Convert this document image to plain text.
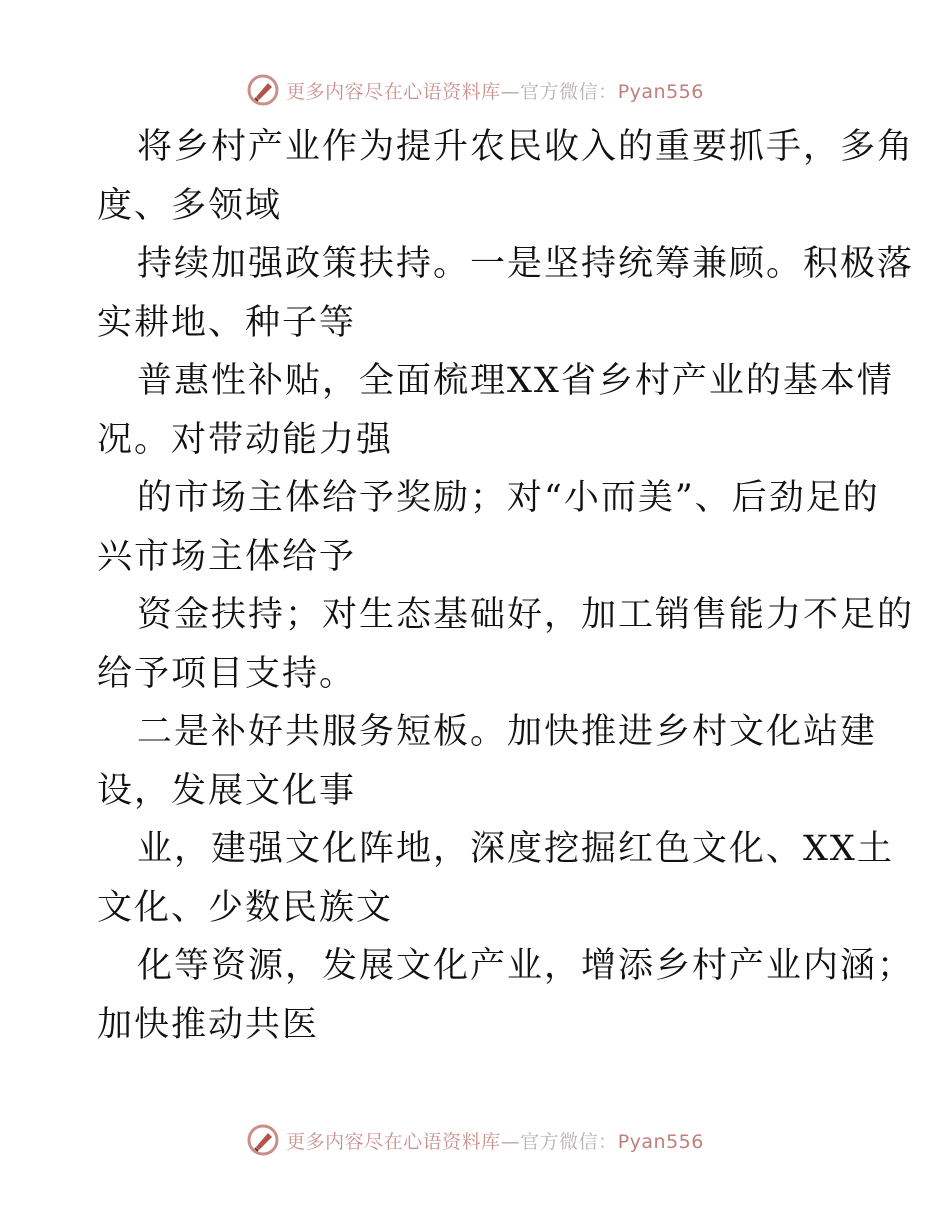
更多内容尽在心语资料库—官方微信：Pyan556

将乡村产业作为提升农民收入的重要抓手，多角
度、多领域

持续加强政策扶持。一是坚持统筹兼顾。积极落
实耕地、种子等

普惠性补贴，全面梳理XX省乡村产业的基本情
况。对带动能力强

的市场主体给予奖励；对“小而美”、后劲足的
兴市场主体给予

资金扶持；对生态基础好，加工销售能力不足的
给予项目支持。

二是补好共服务短板。加快推进乡村文化站建
设，发展文化事

业，建强文化阵地，深度挖掘红色文化、XX土
文化、少数民族文

化等资源，发展文化产业，增添乡村产业内涵；
加快推动共医

更多内容尽在心语资料库—官方微信：Pyan556
